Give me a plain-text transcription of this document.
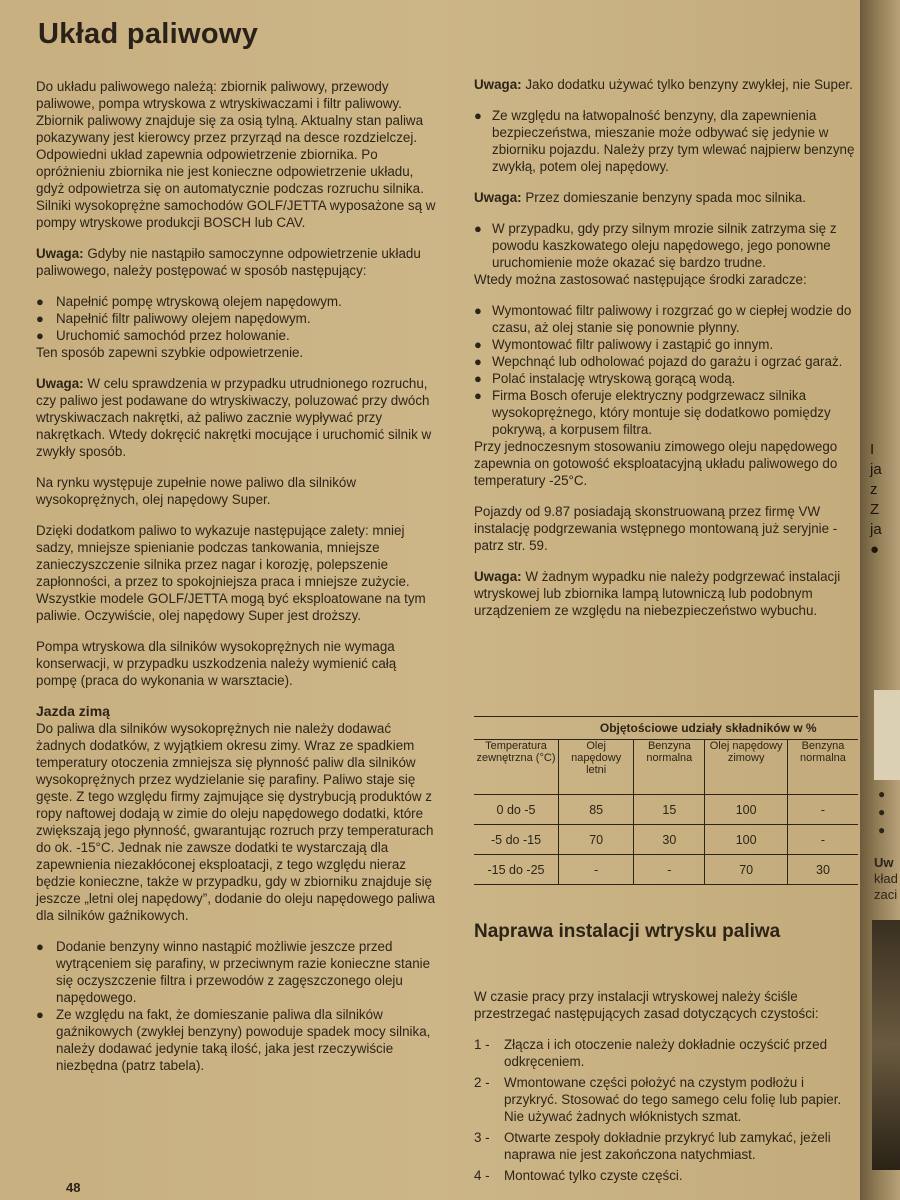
Układ paliwowy

Do układu paliwowego należą: zbiornik paliwowy, przewody paliwowe, pompa wtryskowa z wtryskiwaczami i filtr paliwowy. Zbiornik paliwowy znajduje się za osią tylną. Aktualny stan paliwa pokazywany jest kierowcy przez przyrząd na desce rozdzielczej. Odpowiedni układ zapewnia odpowietrzenie zbiornika. Po opróżnieniu zbiornika nie jest konieczne odpowietrzenie układu, gdyż odpowietrza się on automatycznie podczas rozruchu silnika. Silniki wysokoprężne samochodów GOLF/JETTA wyposażone są w pompy wtryskowe produkcji BOSCH lub CAV.

Uwaga: Gdyby nie nastąpiło samoczynne odpowietrzenie układu paliwowego, należy postępować w sposób następujący:

● Napełnić pompę wtryskową olejem napędowym.
● Napełnić filtr paliwowy olejem napędowym.
● Uruchomić samochód przez holowanie.

Ten sposób zapewni szybkie odpowietrzenie.

Uwaga: W celu sprawdzenia w przypadku utrudnionego rozruchu, czy paliwo jest podawane do wtryskiwaczy, poluzować przy dwóch wtryskiwaczach nakrętki, aż paliwo zacznie wypływać przy nakrętkach. Wtedy dokręcić nakrętki mocujące i uruchomić silnik w zwykły sposób.

Na rynku występuje zupełnie nowe paliwo dla silników wysokoprężnych, olej napędowy Super.

Dzięki dodatkom paliwo to wykazuje następujące zalety: mniej sadzy, mniejsze spienianie podczas tankowania, mniejsze zanieczyszczenie silnika przez nagar i korozję, polepszenie zapłonności, a przez to spokojniejsza praca i mniejsze zużycie. Wszystkie modele GOLF/JETTA mogą być eksploatowane na tym paliwie. Oczywiście, olej napędowy Super jest droższy.

Pompa wtryskowa dla silników wysokoprężnych nie wymaga konserwacji, w przypadku uszkodzenia należy wymienić całą pompę (praca do wykonania w warsztacie).

Jazda zimą

Do paliwa dla silników wysokoprężnych nie należy dodawać żadnych dodatków, z wyjątkiem okresu zimy. Wraz ze spadkiem temperatury otoczenia zmniejsza się płynność paliw dla silników wysokoprężnych przez wydzielanie się parafiny. Paliwo staje się gęste. Z tego względu firmy zajmujące się dystrybucją produktów z ropy naftowej dodają w zimie do oleju napędowego dodatki, które zwiększają jego płynność, gwarantując rozruch przy temperaturach do ok. -15°C. Jednak nie zawsze dodatki te wystarczają dla zapewnienia niezakłóconej eksploatacji, z tego względu nieraz będzie konieczne, także w przypadku, gdy w zbiorniku znajduje się jeszcze „letni olej napędowy”, dodanie do oleju napędowego paliwa dla silników gaźnikowych.

● Dodanie benzyny winno nastąpić możliwie jeszcze przed wytrąceniem się parafiny, w przeciwnym razie konieczne stanie się oczyszczenie filtra i przewodów z zagęszczonego oleju napędowego.
● Ze względu na fakt, że domieszanie paliwa dla silników gaźnikowych (zwykłej benzyny) powoduje spadek mocy silnika, należy dodawać jedynie taką ilość, jaka jest rzeczywiście niezbędna (patrz tabela).

Uwaga: Jako dodatku używać tylko benzyny zwykłej, nie Super.

● Ze względu na łatwopalność benzyny, dla zapewnienia bezpieczeństwa, mieszanie może odbywać się jedynie w zbiorniku pojazdu. Należy przy tym wlewać najpierw benzynę zwykłą, potem olej napędowy.

Uwaga: Przez domieszanie benzyny spada moc silnika.

● W przypadku, gdy przy silnym mrozie silnik zatrzyma się z powodu kaszkowatego oleju napędowego, jego ponowne uruchomienie może okazać się bardzo trudne.

Wtedy można zastosować następujące środki zaradcze:

● Wymontować filtr paliwowy i rozgrzać go w ciepłej wodzie do czasu, aż olej stanie się ponownie płynny.
● Wymontować filtr paliwowy i zastąpić go innym.
● Wepchnąć lub odholować pojazd do garażu i ogrzać garaż.
● Polać instalację wtryskową gorącą wodą.
● Firma Bosch oferuje elektryczny podgrzewacz silnika wysokoprężnego, który montuje się dodatkowo pomiędzy pokrywą, a korpusem filtra.

Przy jednoczesnym stosowaniu zimowego oleju napędowego zapewnia on gotowość eksploatacyjną układu paliwowego do temperatury -25°C.

Pojazdy od 9.87 posiadają skonstruowaną przez firmę VW instalację podgrzewania wstępnego montowaną już seryjnie - patrz str. 59.

Uwaga: W żadnym wypadku nie należy podgrzewać instalacji wtryskowej lub zbiornika lampą lutowniczą lub podobnym urządzeniem ze względu na niebezpieczeństwo wybuchu.

	Objętościowe udziały składników w %			
Temperatura zewnętrzna (°C)	Olej napędowy letni	Benzyna normalna	Olej napędowy zimowy	Benzyna normalna
0 do -5	85	15	100	-
-5 do -15	70	30	100	-
-15 do -25	-	-	70	30
Naprawa instalacji wtrysku paliwa

W czasie pracy przy instalacji wtryskowej należy ściśle przestrzegać następujących zasad dotyczących czystości:

1 - Złącza i ich otoczenie należy dokładnie oczyścić przed odkręceniem.
2 - Wmontowane części położyć na czystym podłożu i przykryć. Stosować do tego samego celu folię lub papier. Nie używać żadnych włóknistych szmat.
3 - Otwarte zespoły dokładnie przykryć lub zamykać, jeżeli naprawa nie jest zakończona natychmiast.
4 - Montować tylko czyste części.

48

I
ja
z
Z
ja
●
●
●
●
Uw
kład
zaci
